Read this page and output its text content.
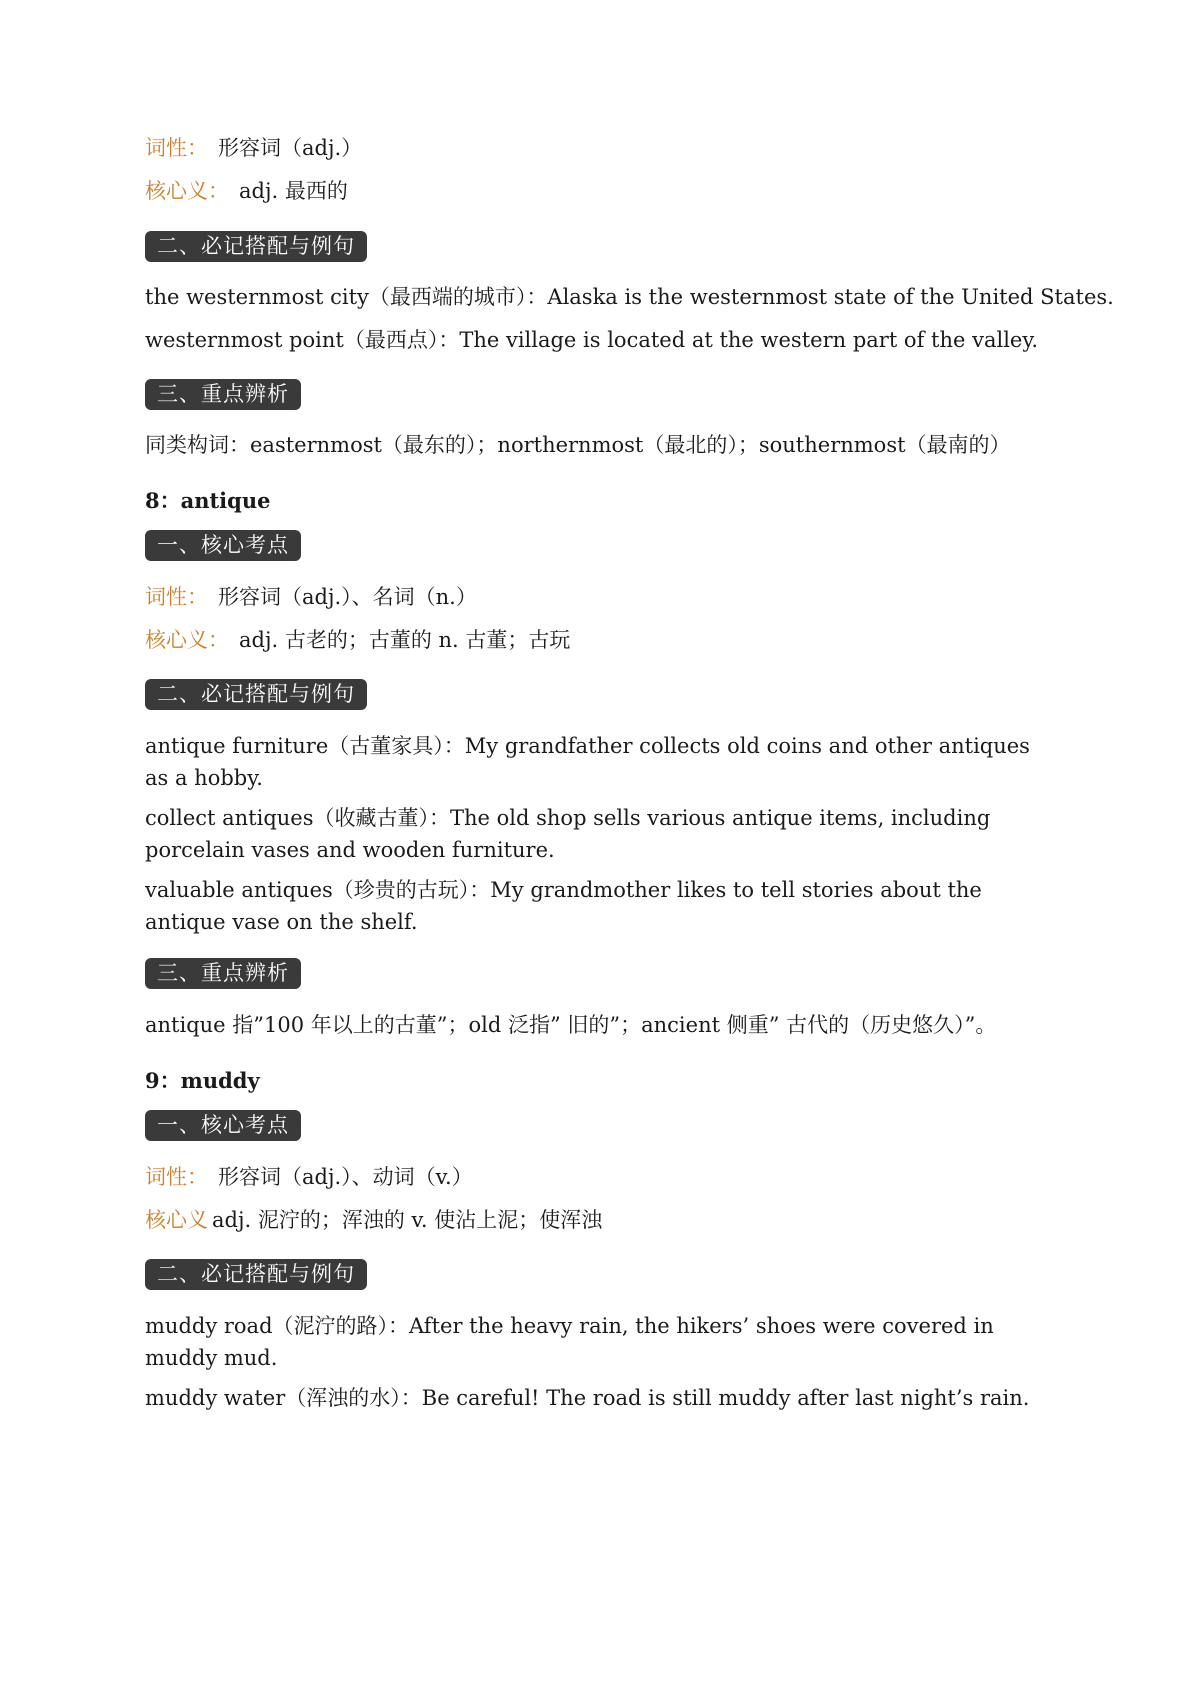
词性： 形容词（adj.）
核心义： adj. 最西的
二、必记搭配与例句
the westernmost city（最西端的城市）：Alaska is the westernmost state of the United States.
westernmost point（最西点）：The village is located at the western part of the valley.
三、重点辨析
同类构词：easternmost（最东的）；northernmost（最北的）；southernmost（最南的）
8：antique
一、核心考点
词性： 形容词（adj.）、名词（n.）
核心义： adj. 古老的；古董的 n. 古董；古玩
二、必记搭配与例句
antique furniture（古董家具）：My grandfather collects old coins and other antiques as a hobby.
collect antiques（收藏古董）：The old shop sells various antique items, including porcelain vases and wooden furniture.
valuable antiques（珍贵的古玩）：My grandmother likes to tell stories about the antique vase on the shelf.
三、重点辨析
antique 指”100 年以上的古董”；old 泛指” 旧的”；ancient 侧重” 古代的（历史悠久）”。
9：muddy
一、核心考点
词性： 形容词（adj.）、动词（v.）
核心义 adj. 泥泞的；浑浊的 v. 使沾上泥；使浑浊
二、必记搭配与例句
muddy road（泥泞的路）：After the heavy rain, the hikers’ shoes were covered in muddy mud.
muddy water（浑浊的水）：Be careful! The road is still muddy after last night’s rain.
